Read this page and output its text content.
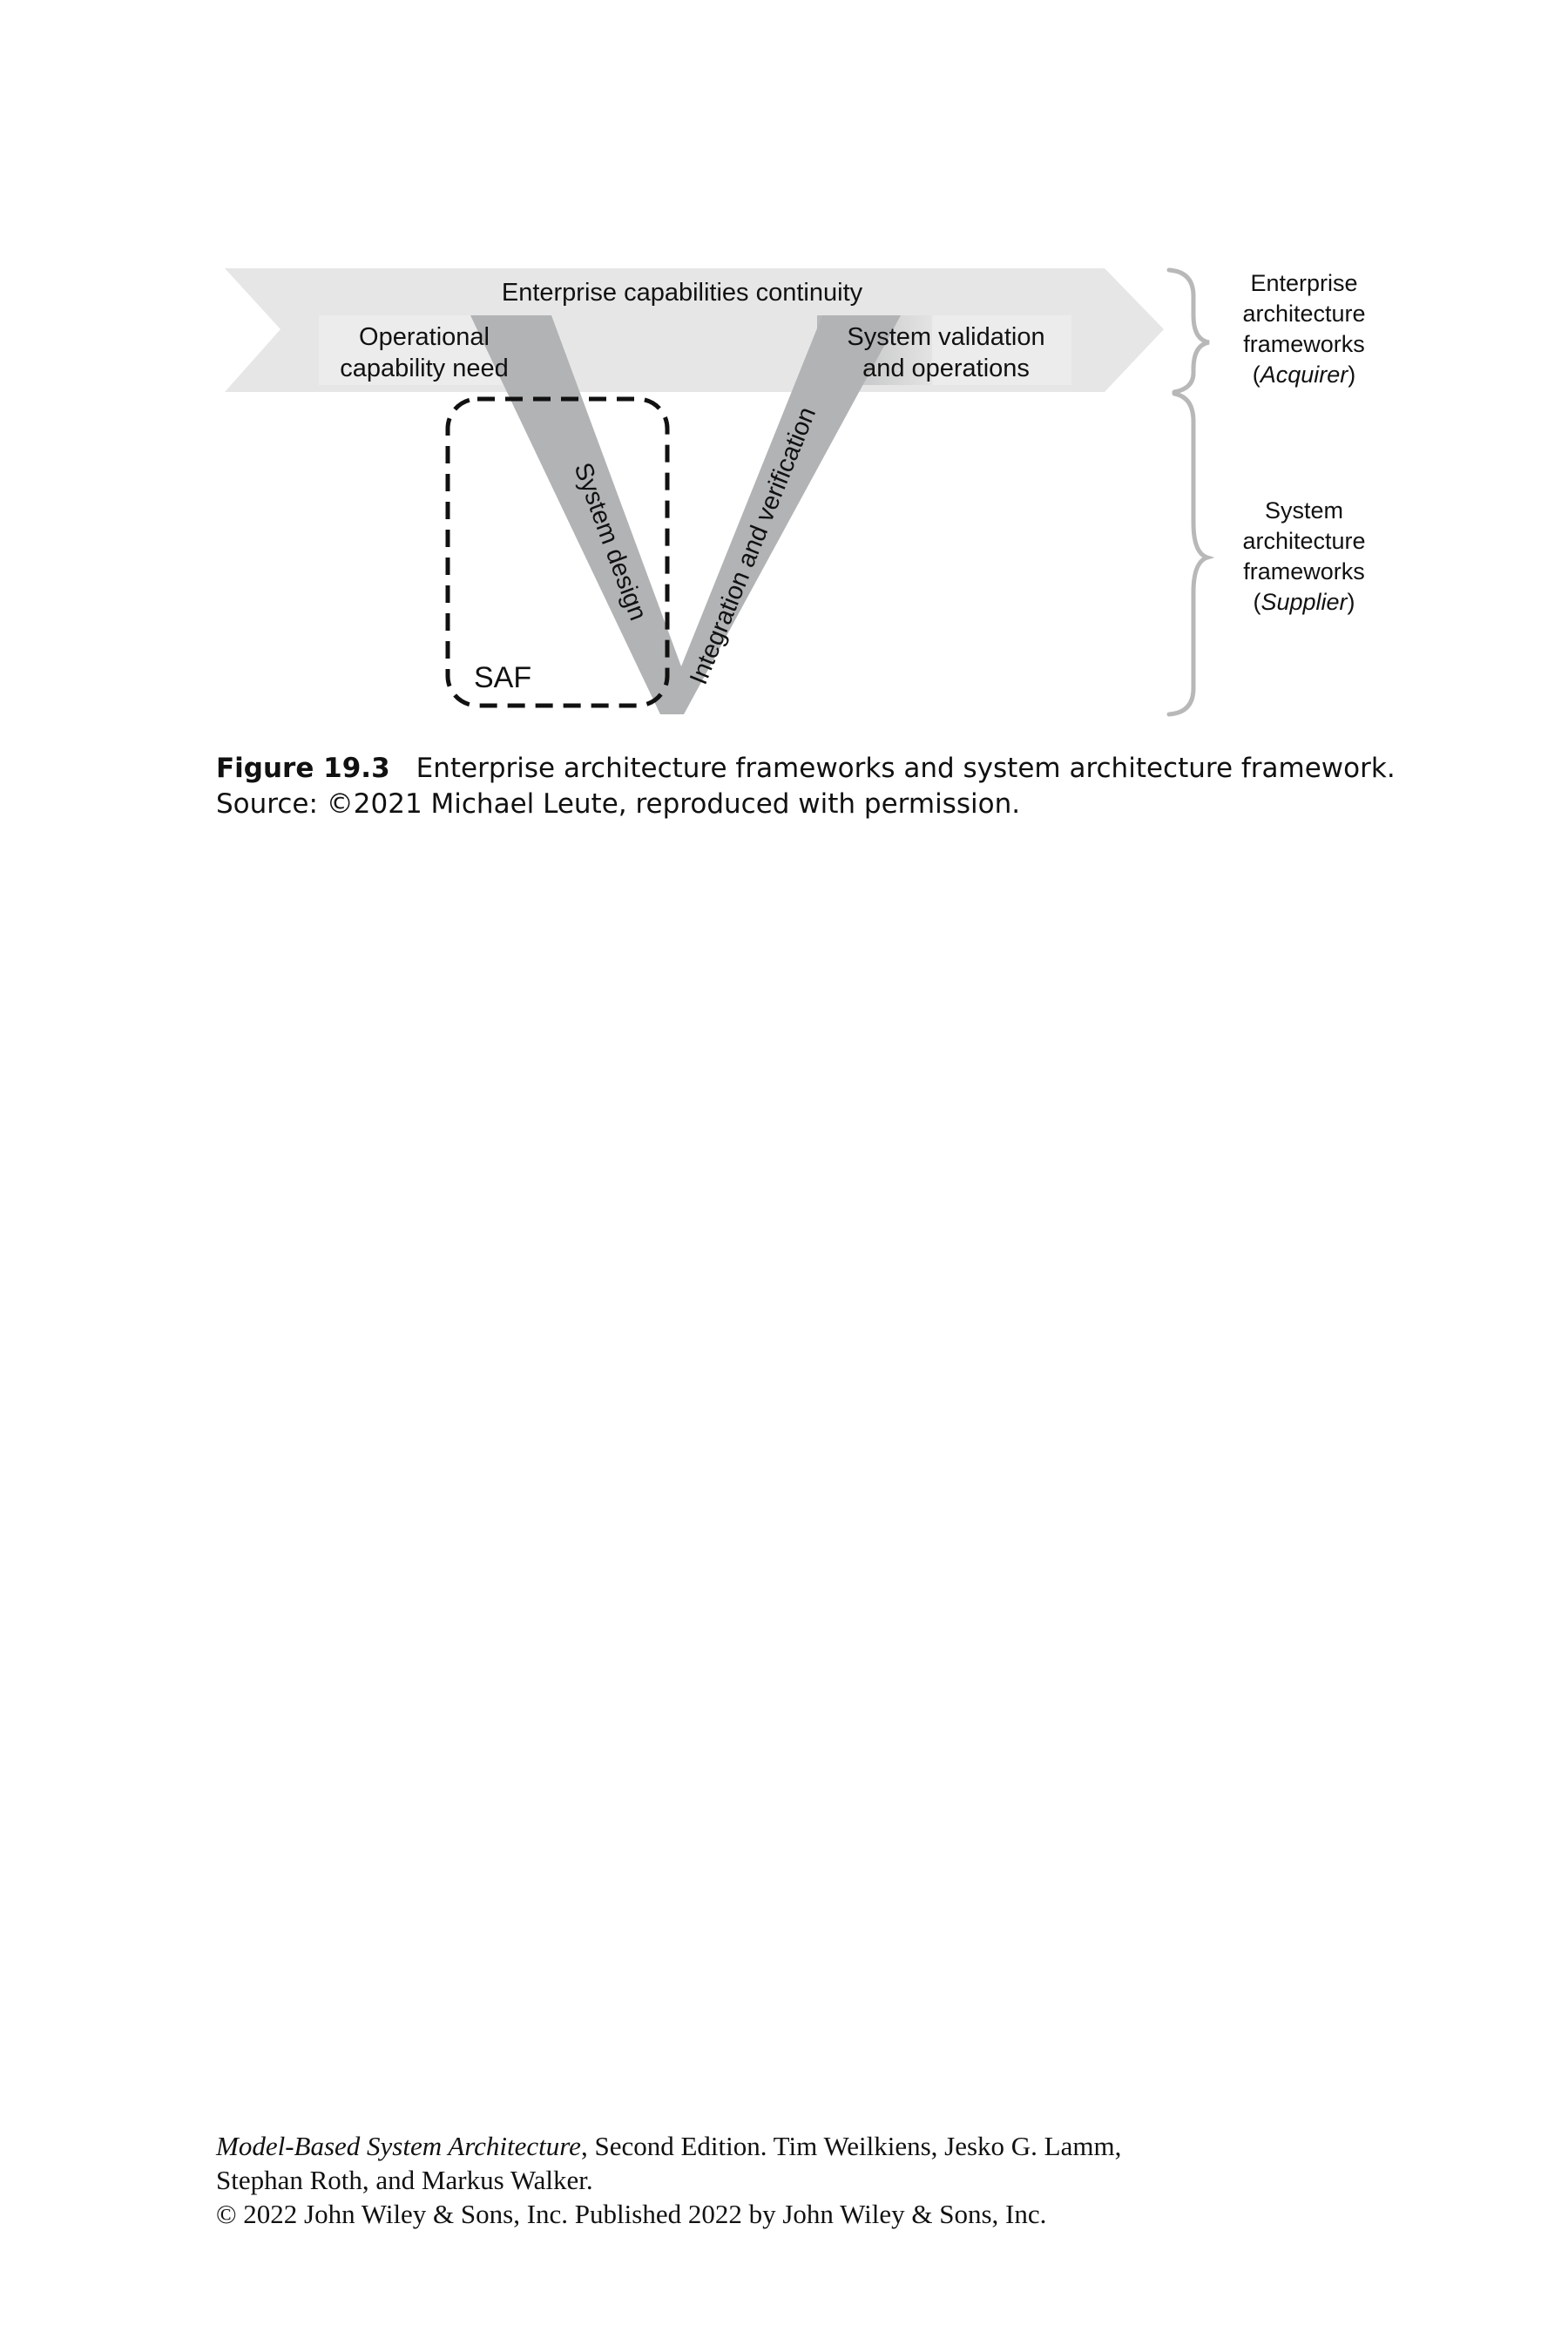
Enterprise capabilities continuity
Operational
capability need
System validation
and operations
System design Integration and verification
SAF
Enterprise
architecture
frameworks
(Acquirer)
System
architecture
frameworks
(Supplier)
Figure 19.3 Enterprise architecture frameworks and system architecture framework.
Source: ©2021 Michael Leute, reproduced with permission.
Model-Based System Architecture, Second Edition. Tim Weilkiens, Jesko G. Lamm,
Stephan Roth, and Markus Walker.
© 2022 John Wiley & Sons, Inc. Published 2022 by John Wiley & Sons, Inc.
